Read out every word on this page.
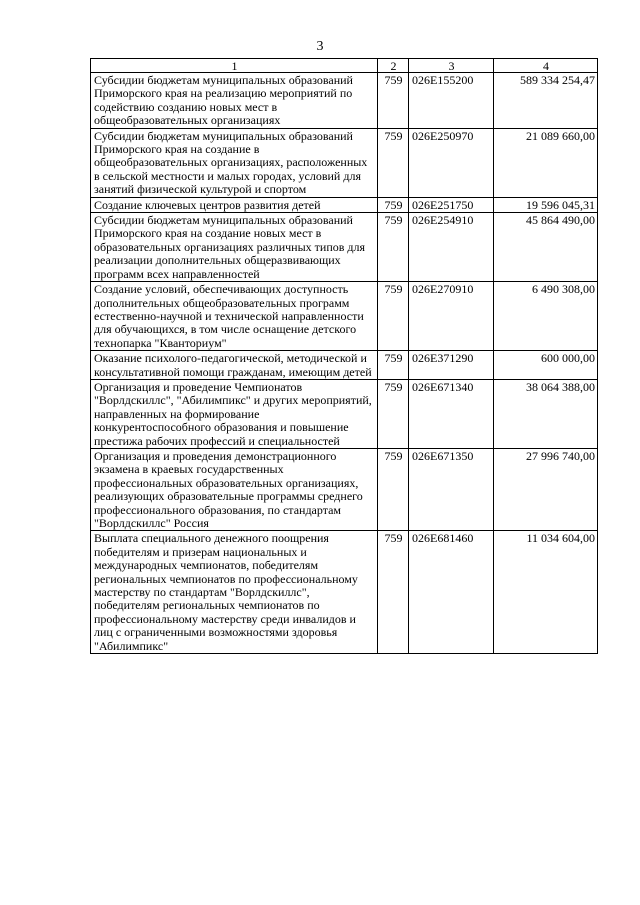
3
1	2	3	4
Субсидии бюджетам муниципальных образований Приморского края на реализацию мероприятий по содействию созданию новых мест в общеобразовательных организациях	759	026E155200	589 334 254,47
Субсидии бюджетам муниципальных образований Приморского края на создание в общеобразовательных организациях, расположенных в сельской местности и малых городах, условий для занятий физической культурой и спортом	759	026E250970	21 089 660,00
Создание ключевых центров развития детей	759	026E251750	19 596 045,31
Субсидии бюджетам муниципальных образований Приморского края на создание новых мест в образовательных организациях различных типов для реализации дополнительных общеразвивающих программ всех направленностей	759	026E254910	45 864 490,00
Создание условий, обеспечивающих доступность дополнительных общеобразовательных программ естественно-научной и технической направленности для обучающихся, в том числе оснащение детского технопарка "Кванториум"	759	026E270910	6 490 308,00
Оказание психолого-педагогической, методической и консультативной помощи гражданам, имеющим детей	759	026E371290	600 000,00
Организация и проведение Чемпионатов "Ворлдскиллс", "Абилимпикс" и других мероприятий, направленных на формирование конкурентоспособного образования и повышение престижа рабочих профессий и специальностей	759	026E671340	38 064 388,00
Организация и проведения демонстрационного экзамена в краевых государственных профессиональных образовательных организациях, реализующих образовательные программы среднего профессионального образования, по стандартам "Ворлдскиллс" Россия	759	026E671350	27 996 740,00
Выплата специального денежного поощрения победителям и призерам национальных и международных чемпионатов, победителям региональных чемпионатов по профессиональному мастерству по стандартам "Ворлдскиллс", победителям региональных чемпионатов по профессиональному мастерству среди инвалидов и лиц с ограниченными возможностями здоровья "Абилимпикс"	759	026E681460	11 034 604,00
